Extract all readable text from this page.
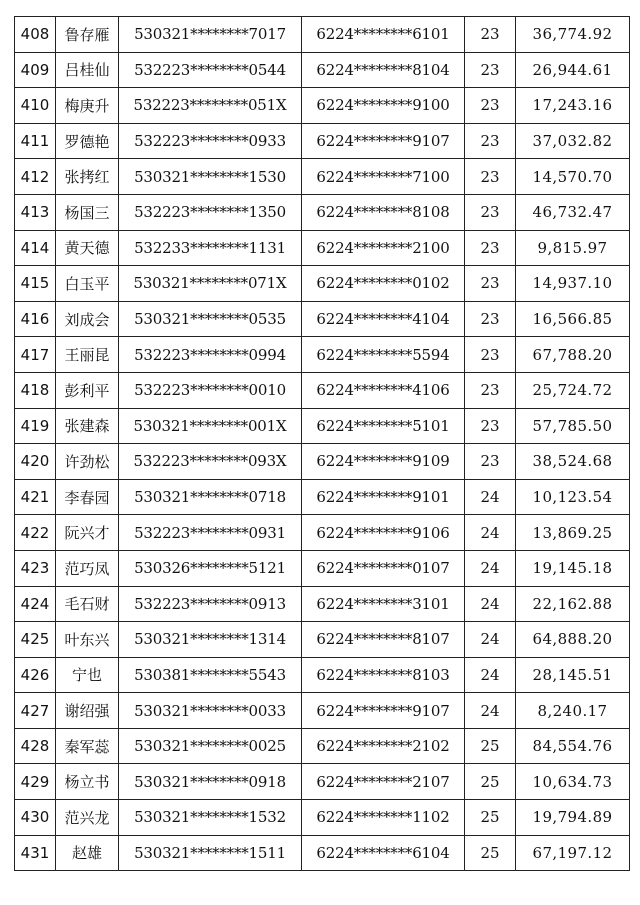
408	鲁存雁	530321********7017	6224********6101	23	36,774.92
409	吕桂仙	532223********0544	6224********8104	23	26,944.61
410	梅庚升	532223********051X	6224********9100	23	17,243.16
411	罗德艳	532223********0933	6224********9107	23	37,032.82
412	张拷红	530321********1530	6224********7100	23	14,570.70
413	杨国三	532223********1350	6224********8108	23	46,732.47
414	黄天德	532233********1131	6224********2100	23	9,815.97
415	白玉平	530321********071X	6224********0102	23	14,937.10
416	刘成会	530321********0535	6224********4104	23	16,566.85
417	王丽昆	532223********0994	6224********5594	23	67,788.20
418	彭利平	532223********0010	6224********4106	23	25,724.72
419	张建森	530321********001X	6224********5101	23	57,785.50
420	许劲松	532223********093X	6224********9109	23	38,524.68
421	李春园	530321********0718	6224********9101	24	10,123.54
422	阮兴才	532223********0931	6224********9106	24	13,869.25
423	范巧凤	530326********5121	6224********0107	24	19,145.18
424	毛石财	532223********0913	6224********3101	24	22,162.88
425	叶东兴	530321********1314	6224********8107	24	64,888.20
426	宁也	530381********5543	6224********8103	24	28,145.51
427	谢绍强	530321********0033	6224********9107	24	8,240.17
428	秦军蕊	530321********0025	6224********2102	25	84,554.76
429	杨立书	530321********0918	6224********2107	25	10,634.73
430	范兴龙	530321********1532	6224********1102	25	19,794.89
431	赵雄	530321********1511	6224********6104	25	67,197.12
